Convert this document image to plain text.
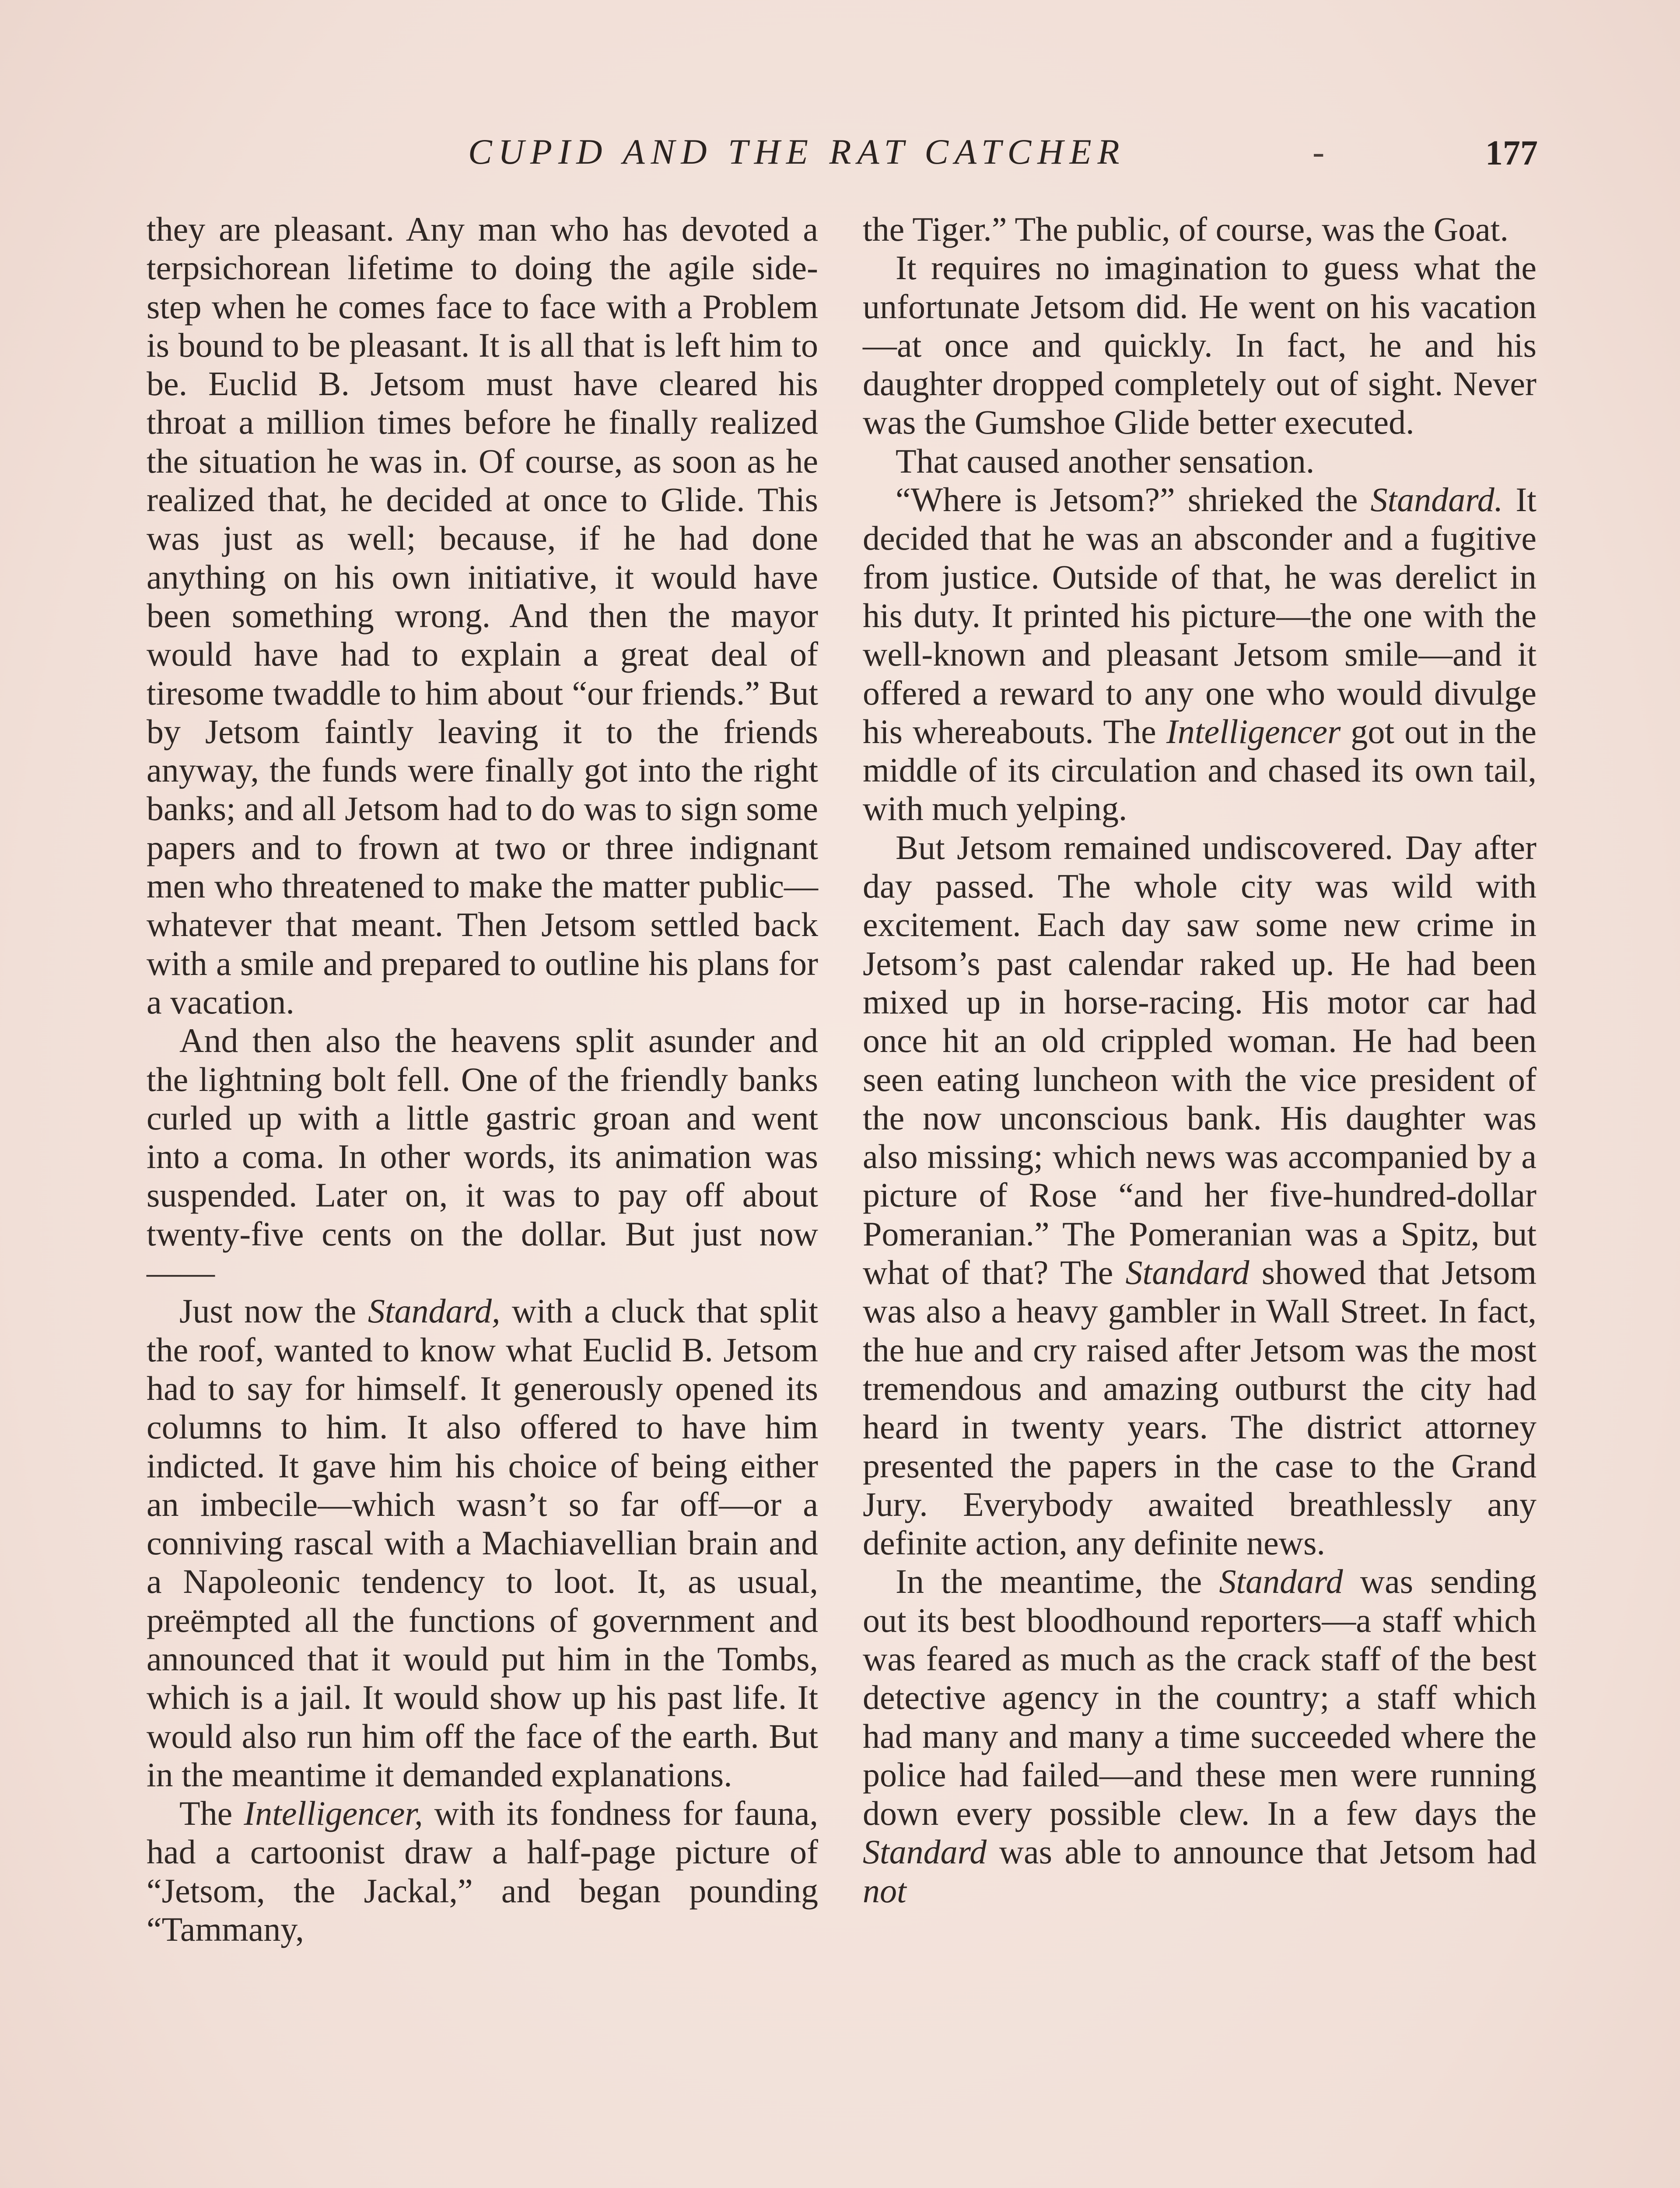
CUPID AND THE RAT CATCHER	-	177

they are pleasant. Any man who has devoted a terpsichorean lifetime to doing the agile side-step when he comes face to face with a Problem is bound to be pleasant. It is all that is left him to be. Euclid B. Jetsom must have cleared his throat a million times before he finally realized the situation he was in. Of course, as soon as he realized that, he decided at once to Glide. This was just as well; because, if he had done anything on his own initiative, it would have been something wrong. And then the mayor would have had to explain a great deal of tiresome twaddle to him about “our friends.” But by Jetsom faintly leaving it to the friends anyway, the funds were finally got into the right banks; and all Jetsom had to do was to sign some papers and to frown at two or three indignant men who threatened to make the matter public—whatever that meant. Then Jetsom settled back with a smile and prepared to outline his plans for a vacation.

And then also the heavens split asunder and the lightning bolt fell. One of the friendly banks curled up with a little gastric groan and went into a coma. In other words, its animation was suspended. Later on, it was to pay off about twenty-five cents on the dollar. But just now——

Just now the Standard, with a cluck that split the roof, wanted to know what Euclid B. Jetsom had to say for himself. It generously opened its columns to him. It also offered to have him indicted. It gave him his choice of being either an imbecile—which wasn’t so far off—or a conniving rascal with a Machiavellian brain and a Napoleonic tendency to loot. It, as usual, preëmpted all the functions of government and announced that it would put him in the Tombs, which is a jail. It would show up his past life. It would also run him off the face of the earth. But in the meantime it demanded explanations.

The Intelligencer, with its fondness for fauna, had a cartoonist draw a half-page picture of “Jetsom, the Jackal,” and began pounding “Tammany,

the Tiger.” The public, of course, was the Goat.

It requires no imagination to guess what the unfortunate Jetsom did. He went on his vacation—at once and quickly. In fact, he and his daughter dropped completely out of sight. Never was the Gumshoe Glide better executed.

That caused another sensation.

“Where is Jetsom?” shrieked the Standard. It decided that he was an absconder and a fugitive from justice. Outside of that, he was derelict in his duty. It printed his picture—the one with the well-known and pleasant Jetsom smile—and it offered a reward to any one who would divulge his whereabouts. The Intelligencer got out in the middle of its circulation and chased its own tail, with much yelping.

But Jetsom remained undiscovered. Day after day passed. The whole city was wild with excitement. Each day saw some new crime in Jetsom’s past calendar raked up. He had been mixed up in horse-racing. His motor car had once hit an old crippled woman. He had been seen eating luncheon with the vice president of the now unconscious bank. His daughter was also missing; which news was accompanied by a picture of Rose “and her five-hundred-dollar Pomeranian.” The Pomeranian was a Spitz, but what of that? The Standard showed that Jetsom was also a heavy gambler in Wall Street. In fact, the hue and cry raised after Jetsom was the most tremendous and amazing outburst the city had heard in twenty years. The district attorney presented the papers in the case to the Grand Jury. Everybody awaited breathlessly any definite action, any definite news.

In the meantime, the Standard was sending out its best bloodhound reporters—a staff which was feared as much as the crack staff of the best detective agency in the country; a staff which had many and many a time succeeded where the police had failed—and these men were running down every possible clew. In a few days the Standard was able to announce that Jetsom had not
